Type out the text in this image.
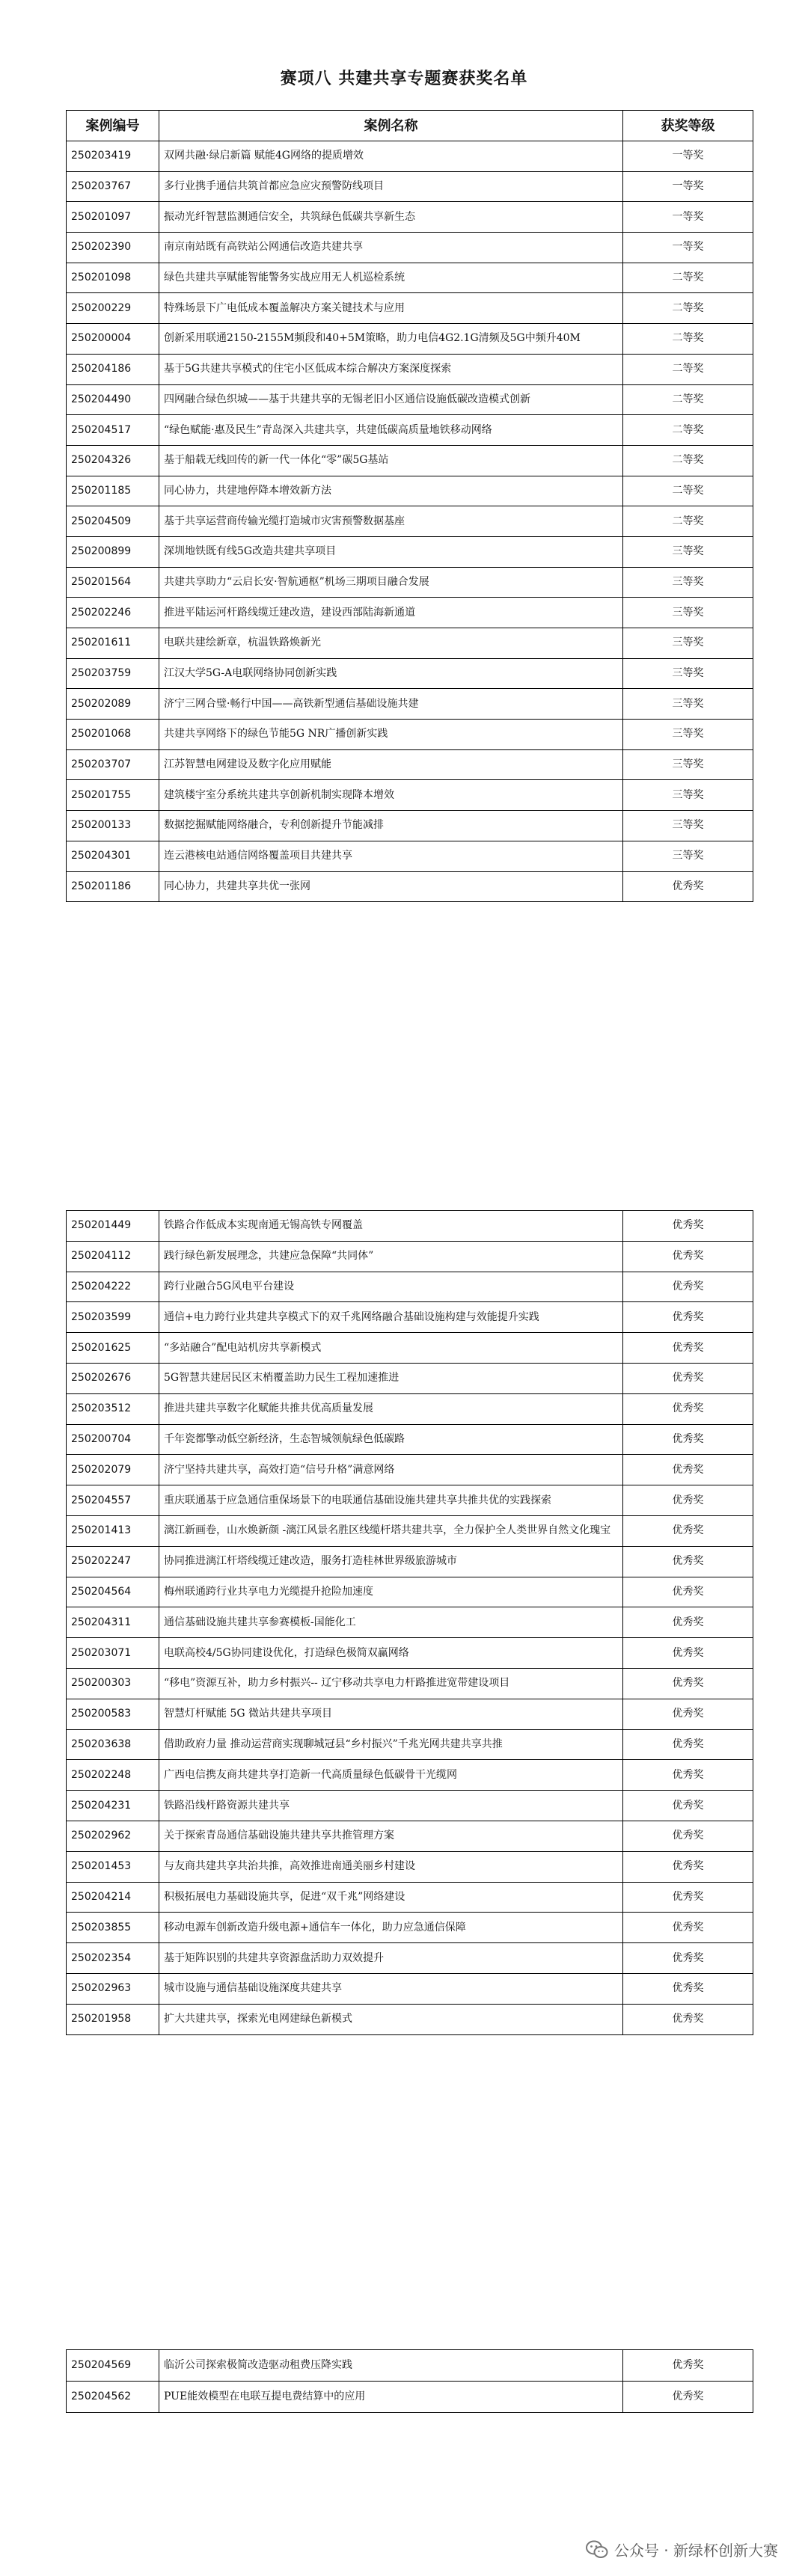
赛项八 共建共享专题赛获奖名单
案例编号	案例名称	获奖等级
250203419	双网共融·绿启新篇 赋能4G网络的提质增效	一等奖
250203767	多行业携手通信共筑首都应急应灾预警防线项目	一等奖
250201097	振动光纤智慧监测通信安全，共筑绿色低碳共享新生态	一等奖
250202390	南京南站既有高铁站公网通信改造共建共享	一等奖
250201098	绿色共建共享赋能智能警务实战应用无人机巡检系统	二等奖
250200229	特殊场景下广电低成本覆盖解决方案关键技术与应用	二等奖
250200004	创新采用联通2150-2155M频段和40+5M策略，助力电信4G2.1G清频及5G中频升40M	二等奖
250204186	基于5G共建共享模式的住宅小区低成本综合解决方案深度探索	二等奖
250204490	四网融合绿色织城——基于共建共享的无锡老旧小区通信设施低碳改造模式创新	二等奖
250204517	“绿色赋能·惠及民生”青岛深入共建共享，共建低碳高质量地铁移动网络	二等奖
250204326	基于船载无线回传的新一代一体化“零”碳5G基站	二等奖
250201185	同心协力，共建地停降本增效新方法	二等奖
250204509	基于共享运营商传输光缆打造城市灾害预警数据基座	二等奖
250200899	深圳地铁既有线5G改造共建共享项目	三等奖
250201564	共建共享助力“云启长安·智航通枢”机场三期项目融合发展	三等奖
250202246	推进平陆运河杆路线缆迁建改造，建设西部陆海新通道	三等奖
250201611	电联共建绘新章，杭温铁路焕新光	三等奖
250203759	江汉大学5G-A电联网络协同创新实践	三等奖
250202089	济宁三网合璧·畅行中国——高铁新型通信基础设施共建	三等奖
250201068	共建共享网络下的绿色节能5G NR广播创新实践	三等奖
250203707	江苏智慧电网建设及数字化应用赋能	三等奖
250201755	建筑楼宇室分系统共建共享创新机制实现降本增效	三等奖
250200133	数据挖掘赋能网络融合，专利创新提升节能减排	三等奖
250204301	连云港核电站通信网络覆盖项目共建共享	三等奖
250201186	同心协力，共建共享共优一张网	优秀奖
250201449	铁路合作低成本实现南通无锡高铁专网覆盖	优秀奖
250204112	践行绿色新发展理念，共建应急保障“共同体”	优秀奖
250204222	跨行业融合5G风电平台建设	优秀奖
250203599	通信+电力跨行业共建共享模式下的双千兆网络融合基础设施构建与效能提升实践	优秀奖
250201625	“多站融合”配电站机房共享新模式	优秀奖
250202676	5G智慧共建居民区末梢覆盖助力民生工程加速推进	优秀奖
250203512	推进共建共享数字化赋能共推共优高质量发展	优秀奖
250200704	千年瓷都擎动低空新经济，生态智城领航绿色低碳路	优秀奖
250202079	济宁坚持共建共享，高效打造“信号升格”满意网络	优秀奖
250204557	重庆联通基于应急通信重保场景下的电联通信基础设施共建共享共推共优的实践探索	优秀奖
250201413	漓江新画卷，山水焕新颜 -漓江风景名胜区线缆杆塔共建共享，全力保护全人类世界自然文化瑰宝	优秀奖
250202247	协同推进漓江杆塔线缆迁建改造，服务打造桂林世界级旅游城市	优秀奖
250204564	梅州联通跨行业共享电力光缆提升抢险加速度	优秀奖
250204311	通信基础设施共建共享参赛模板-国能化工	优秀奖
250203071	电联高校4/5G协同建设优化，打造绿色极简双赢网络	优秀奖
250200303	“移电”资源互补，助力乡村振兴-- 辽宁移动共享电力杆路推进宽带建设项目	优秀奖
250200583	智慧灯杆赋能 5G 微站共建共享项目	优秀奖
250203638	借助政府力量 推动运营商实现聊城冠县“乡村振兴”千兆光网共建共享共推	优秀奖
250202248	广西电信携友商共建共享打造新一代高质量绿色低碳骨干光缆网	优秀奖
250204231	铁路沿线杆路资源共建共享	优秀奖
250202962	关于探索青岛通信基础设施共建共享共推管理方案	优秀奖
250201453	与友商共建共享共治共推，高效推进南通美丽乡村建设	优秀奖
250204214	积极拓展电力基础设施共享，促进“双千兆”网络建设	优秀奖
250203855	移动电源车创新改造升级电源+通信车一体化，助力应急通信保障	优秀奖
250202354	基于矩阵识别的共建共享资源盘活助力双效提升	优秀奖
250202963	城市设施与通信基础设施深度共建共享	优秀奖
250201958	扩大共建共享，探索光电网建绿色新模式	优秀奖
250204569	临沂公司探索极简改造驱动租费压降实践	优秀奖
250204562	PUE能效模型在电联互提电费结算中的应用	优秀奖
公众号 · 新绿杯创新大赛
